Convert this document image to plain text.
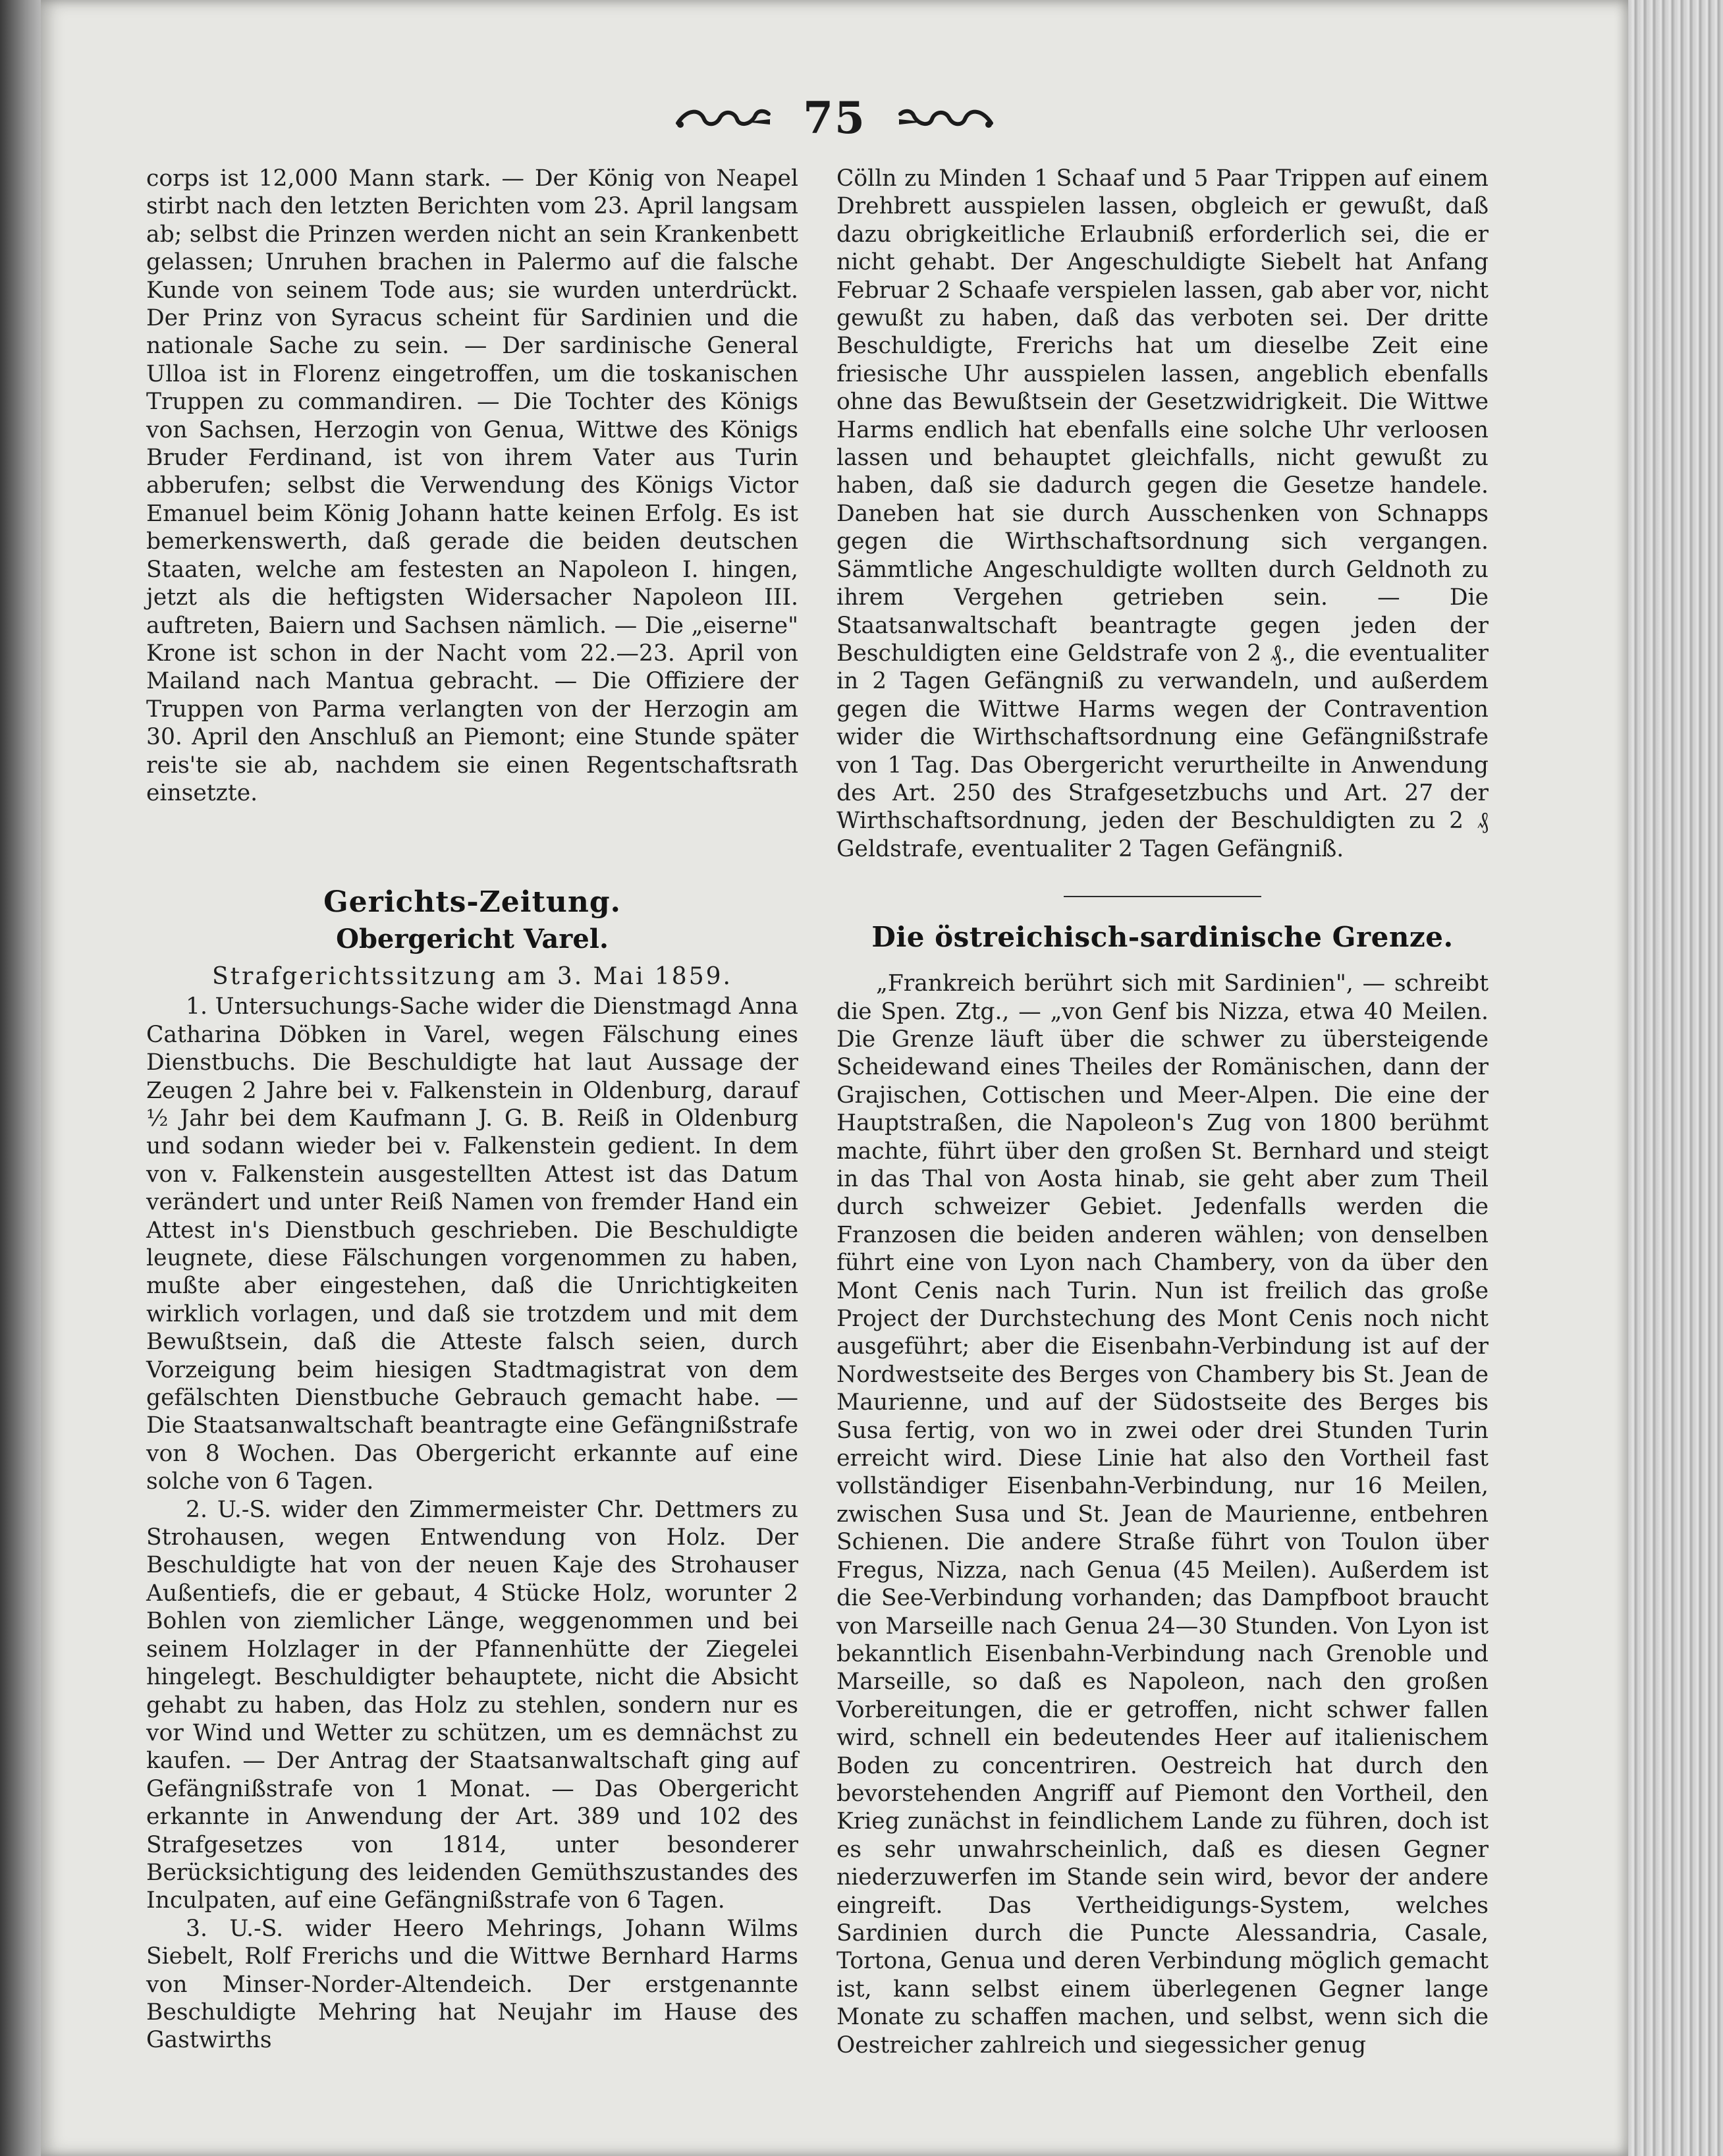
75

corps ist 12,000 Mann stark. — Der König von Neapel stirbt nach den letzten Berichten vom 23. April langsam ab; selbst die Prinzen werden nicht an sein Krankenbett gelassen; Unruhen brachen in Palermo auf die falsche Kunde von seinem Tode aus; sie wurden unterdrückt. Der Prinz von Syracus scheint für Sardinien und die nationale Sache zu sein. — Der sardinische General Ulloa ist in Florenz eingetroffen, um die toskanischen Truppen zu commandiren. — Die Tochter des Königs von Sachsen, Herzogin von Genua, Wittwe des Königs Bruder Ferdinand, ist von ihrem Vater aus Turin abberufen; selbst die Verwendung des Königs Victor Emanuel beim König Johann hatte keinen Erfolg. Es ist bemerkenswerth, daß gerade die beiden deutschen Staaten, welche am festesten an Napoleon I. hingen, jetzt als die heftigsten Widersacher Napoleon III. auftreten, Baiern und Sachsen nämlich. — Die „eiserne" Krone ist schon in der Nacht vom 22.—23. April von Mailand nach Mantua gebracht. — Die Offiziere der Truppen von Parma verlangten von der Herzogin am 30. April den Anschluß an Piemont; eine Stunde später reis'te sie ab, nachdem sie einen Regentschaftsrath einsetzte.

Gerichts-Zeitung.
Obergericht Varel.
Strafgerichtssitzung am 3. Mai 1859.

1. Untersuchungs-Sache wider die Dienstmagd Anna Catharina Döbken in Varel, wegen Fälschung eines Dienstbuchs. Die Beschuldigte hat laut Aussage der Zeugen 2 Jahre bei v. Falkenstein in Oldenburg, darauf ½ Jahr bei dem Kaufmann J. G. B. Reiß in Oldenburg und sodann wieder bei v. Falkenstein gedient. In dem von v. Falkenstein ausgestellten Attest ist das Datum verändert und unter Reiß Namen von fremder Hand ein Attest in's Dienstbuch geschrieben. Die Beschuldigte leugnete, diese Fälschungen vorgenommen zu haben, mußte aber eingestehen, daß die Unrichtigkeiten wirklich vorlagen, und daß sie trotzdem und mit dem Bewußtsein, daß die Atteste falsch seien, durch Vorzeigung beim hiesigen Stadtmagistrat von dem gefälschten Dienstbuche Gebrauch gemacht habe. — Die Staatsanwaltschaft beantragte eine Gefängnißstrafe von 8 Wochen. Das Obergericht erkannte auf eine solche von 6 Tagen.

2. U.-S. wider den Zimmermeister Chr. Dettmers zu Strohausen, wegen Entwendung von Holz. Der Beschuldigte hat von der neuen Kaje des Strohauser Außentiefs, die er gebaut, 4 Stücke Holz, worunter 2 Bohlen von ziemlicher Länge, weggenommen und bei seinem Holzlager in der Pfannenhütte der Ziegelei hingelegt. Beschuldigter behauptete, nicht die Absicht gehabt zu haben, das Holz zu stehlen, sondern nur es vor Wind und Wetter zu schützen, um es demnächst zu kaufen. — Der Antrag der Staatsanwaltschaft ging auf Gefängnißstrafe von 1 Monat. — Das Obergericht erkannte in Anwendung der Art. 389 und 102 des Strafgesetzes von 1814, unter besonderer Berücksichtigung des leidenden Gemüthszustandes des Inculpaten, auf eine Gefängnißstrafe von 6 Tagen.

3. U.-S. wider Heero Mehrings, Johann Wilms Siebelt, Rolf Frerichs und die Wittwe Bernhard Harms von Minser-Norder-Altendeich. Der erstgenannte Beschuldigte Mehring hat Neujahr im Hause des Gastwirths

Cölln zu Minden 1 Schaaf und 5 Paar Trippen auf einem Drehbrett ausspielen lassen, obgleich er gewußt, daß dazu obrigkeitliche Erlaubniß erforderlich sei, die er nicht gehabt. Der Angeschuldigte Siebelt hat Anfang Februar 2 Schaafe verspielen lassen, gab aber vor, nicht gewußt zu haben, daß das verboten sei. Der dritte Beschuldigte, Frerichs hat um dieselbe Zeit eine friesische Uhr ausspielen lassen, angeblich ebenfalls ohne das Bewußtsein der Gesetzwidrigkeit. Die Wittwe Harms endlich hat ebenfalls eine solche Uhr verloosen lassen und behauptet gleichfalls, nicht gewußt zu haben, daß sie dadurch gegen die Gesetze handele. Daneben hat sie durch Ausschenken von Schnapps gegen die Wirthschaftsordnung sich vergangen. Sämmtliche Angeschuldigte wollten durch Geldnoth zu ihrem Vergehen getrieben sein. — Die Staatsanwaltschaft beantragte gegen jeden der Beschuldigten eine Geldstrafe von 2 ₰., die eventualiter in 2 Tagen Gefängniß zu verwandeln, und außerdem gegen die Wittwe Harms wegen der Contravention wider die Wirthschaftsordnung eine Gefängnißstrafe von 1 Tag. Das Obergericht verurtheilte in Anwendung des Art. 250 des Strafgesetzbuchs und Art. 27 der Wirthschaftsordnung, jeden der Beschuldigten zu 2 ₰ Geldstrafe, eventualiter 2 Tagen Gefängniß.

Die östreichisch-sardinische Grenze.

„Frankreich berührt sich mit Sardinien", — schreibt die Spen. Ztg., — „von Genf bis Nizza, etwa 40 Meilen. Die Grenze läuft über die schwer zu übersteigende Scheidewand eines Theiles der Romänischen, dann der Grajischen, Cottischen und Meer-Alpen. Die eine der Hauptstraßen, die Napoleon's Zug von 1800 berühmt machte, führt über den großen St. Bernhard und steigt in das Thal von Aosta hinab, sie geht aber zum Theil durch schweizer Gebiet. Jedenfalls werden die Franzosen die beiden anderen wählen; von denselben führt eine von Lyon nach Chambery, von da über den Mont Cenis nach Turin. Nun ist freilich das große Project der Durchstechung des Mont Cenis noch nicht ausgeführt; aber die Eisenbahn-Verbindung ist auf der Nordwestseite des Berges von Chambery bis St. Jean de Maurienne, und auf der Südostseite des Berges bis Susa fertig, von wo in zwei oder drei Stunden Turin erreicht wird. Diese Linie hat also den Vortheil fast vollständiger Eisenbahn-Verbindung, nur 16 Meilen, zwischen Susa und St. Jean de Maurienne, entbehren Schienen. Die andere Straße führt von Toulon über Fregus, Nizza, nach Genua (45 Meilen). Außerdem ist die See-Verbindung vorhanden; das Dampfboot braucht von Marseille nach Genua 24—30 Stunden. Von Lyon ist bekanntlich Eisenbahn-Verbindung nach Grenoble und Marseille, so daß es Napoleon, nach den großen Vorbereitungen, die er getroffen, nicht schwer fallen wird, schnell ein bedeutendes Heer auf italienischem Boden zu concentriren. Oestreich hat durch den bevorstehenden Angriff auf Piemont den Vortheil, den Krieg zunächst in feindlichem Lande zu führen, doch ist es sehr unwahrscheinlich, daß es diesen Gegner niederzuwerfen im Stande sein wird, bevor der andere eingreift. Das Vertheidigungs-System, welches Sardinien durch die Puncte Alessandria, Casale, Tortona, Genua und deren Verbindung möglich gemacht ist, kann selbst einem überlegenen Gegner lange Monate zu schaffen machen, und selbst, wenn sich die Oestreicher zahlreich und siegessicher genug
